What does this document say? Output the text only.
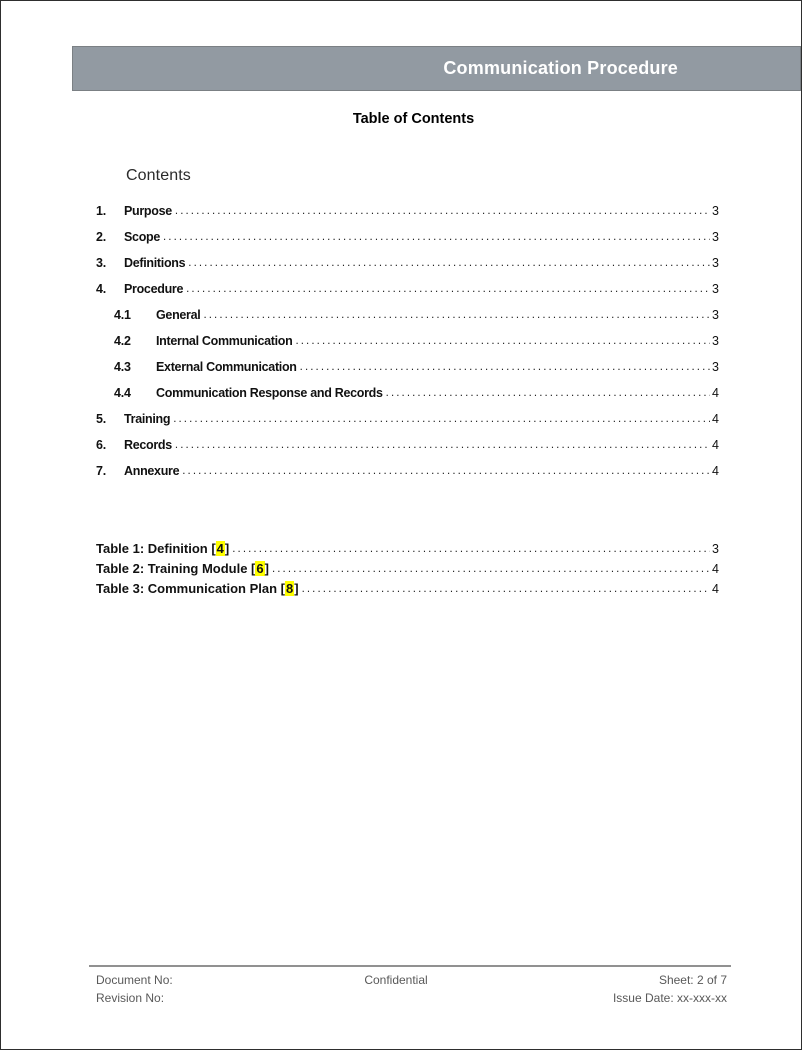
Communication Procedure
Table of Contents
Contents
1.	Purpose .....	3
2.	Scope .....	3
3.	Definitions .....	3
4.	Procedure .....	3
4.1	General .....	3
4.2	Internal Communication .....	3
4.3	External Communication .....	3
4.4	Communication Response and Records .....	4
5.	Training .....	4
6.	Records .....	4
7.	Annexure .....	4
Table 1: Definition [ 4 ] .....	3
Table 2: Training Module [ 6 ] .....	4
Table 3: Communication Plan [ 8 ] .....	4
Document No:
Revision No:
Confidential	Sheet: 2 of 7
Issue Date: xx-xxx-xx
